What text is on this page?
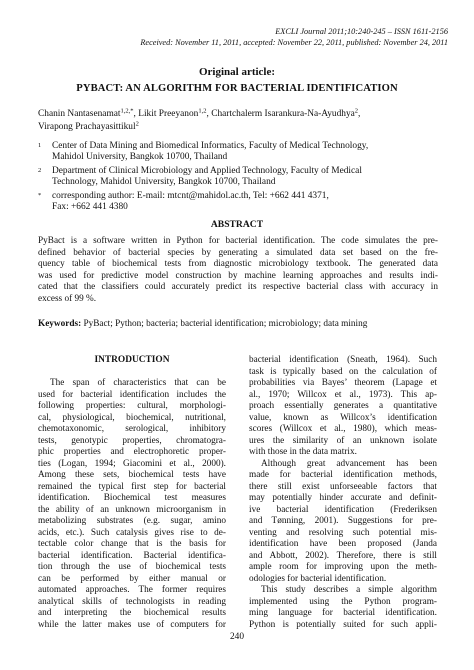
EXCLI Journal 2011;10:240-245 – ISSN 1611-2156
Received: November 11, 2011, accepted: November 22, 2011, published: November 24, 2011
Original article:
PYBACT: AN ALGORITHM FOR BACTERIAL IDENTIFICATION
Chanin Nantasenamat$^{1,2,*}$, Likit Preeyanon$^{1,2}$, Chartchalerm Isarankura-Na-Ayudhya$^2$,
Virapong Prachayasittikul$^2$
1 Center of Data Mining and Biomedical Informatics, Faculty of Medical Technology,
Mahidol University, Bangkok 10700, Thailand
2 Department of Clinical Microbiology and Applied Technology, Faculty of Medical
Technology, Mahidol University, Bangkok 10700, Thailand
* corresponding author: E-mail: mtcnt@mahidol.ac.th, Tel: +662 441 4371,
Fax: +662 441 4380
ABSTRACT
PyBact is a software written in Python for bacterial identification. The code simulates the pre-
defined behavior of bacterial species by generating a simulated data set based on the fre-
quency table of biochemical tests from diagnostic microbiology textbook. The generated data
was used for predictive model construction by machine learning approaches and results indi-
cated that the classifiers could accurately predict its respective bacterial class with accuracy in
excess of 99 %.
Keywords: PyBact; Python; bacteria; bacterial identification; microbiology; data mining
INTRODUCTION
The span of characteristics that can be
used for bacterial identification includes the
following properties: cultural, morphologi-
cal, physiological, biochemical, nutritional,
chemotaxonomic, serological, inhibitory
tests, genotypic properties, chromatogra-
phic properties and electrophoretic proper-
ties (Logan, 1994; Giacomini et al., 2000).
Among these sets, biochemical tests have
remained the typical first step for bacterial
identification. Biochemical test measures
the ability of an unknown microorganism in
metabolizing substrates (e.g. sugar, amino
acids, etc.). Such catalysis gives rise to de-
tectable color change that is the basis for
bacterial identification. Bacterial identifica-
tion through the use of biochemical tests
can be performed by either manual or
automated approaches. The former requires
analytical skills of technologists in reading
and interpreting the biochemical results
while the latter makes use of computers for
bacterial identification (Sneath, 1964). Such
task is typically based on the calculation of
probabilities via Bayes’ theorem (Lapage et
al., 1970; Willcox et al., 1973). This ap-
proach essentially generates a quantitative
value, known as Willcox’s identification
scores (Willcox et al., 1980), which meas-
ures the similarity of an unknown isolate
with those in the data matrix.
Although great advancement has been
made for bacterial identification methods,
there still exist unforseeable factors that
may potentially hinder accurate and definit-
ive bacterial identification (Frederiksen
and Tønning, 2001). Suggestions for pre-
venting and resolving such potential mis-
identification have been proposed (Janda
and Abbott, 2002). Therefore, there is still
ample room for improving upon the meth-
odologies for bacterial identification.
This study describes a simple algorithm
implemented using the Python program-
ming language for bacterial identification.
Python is potentially suited for such appli-
240
